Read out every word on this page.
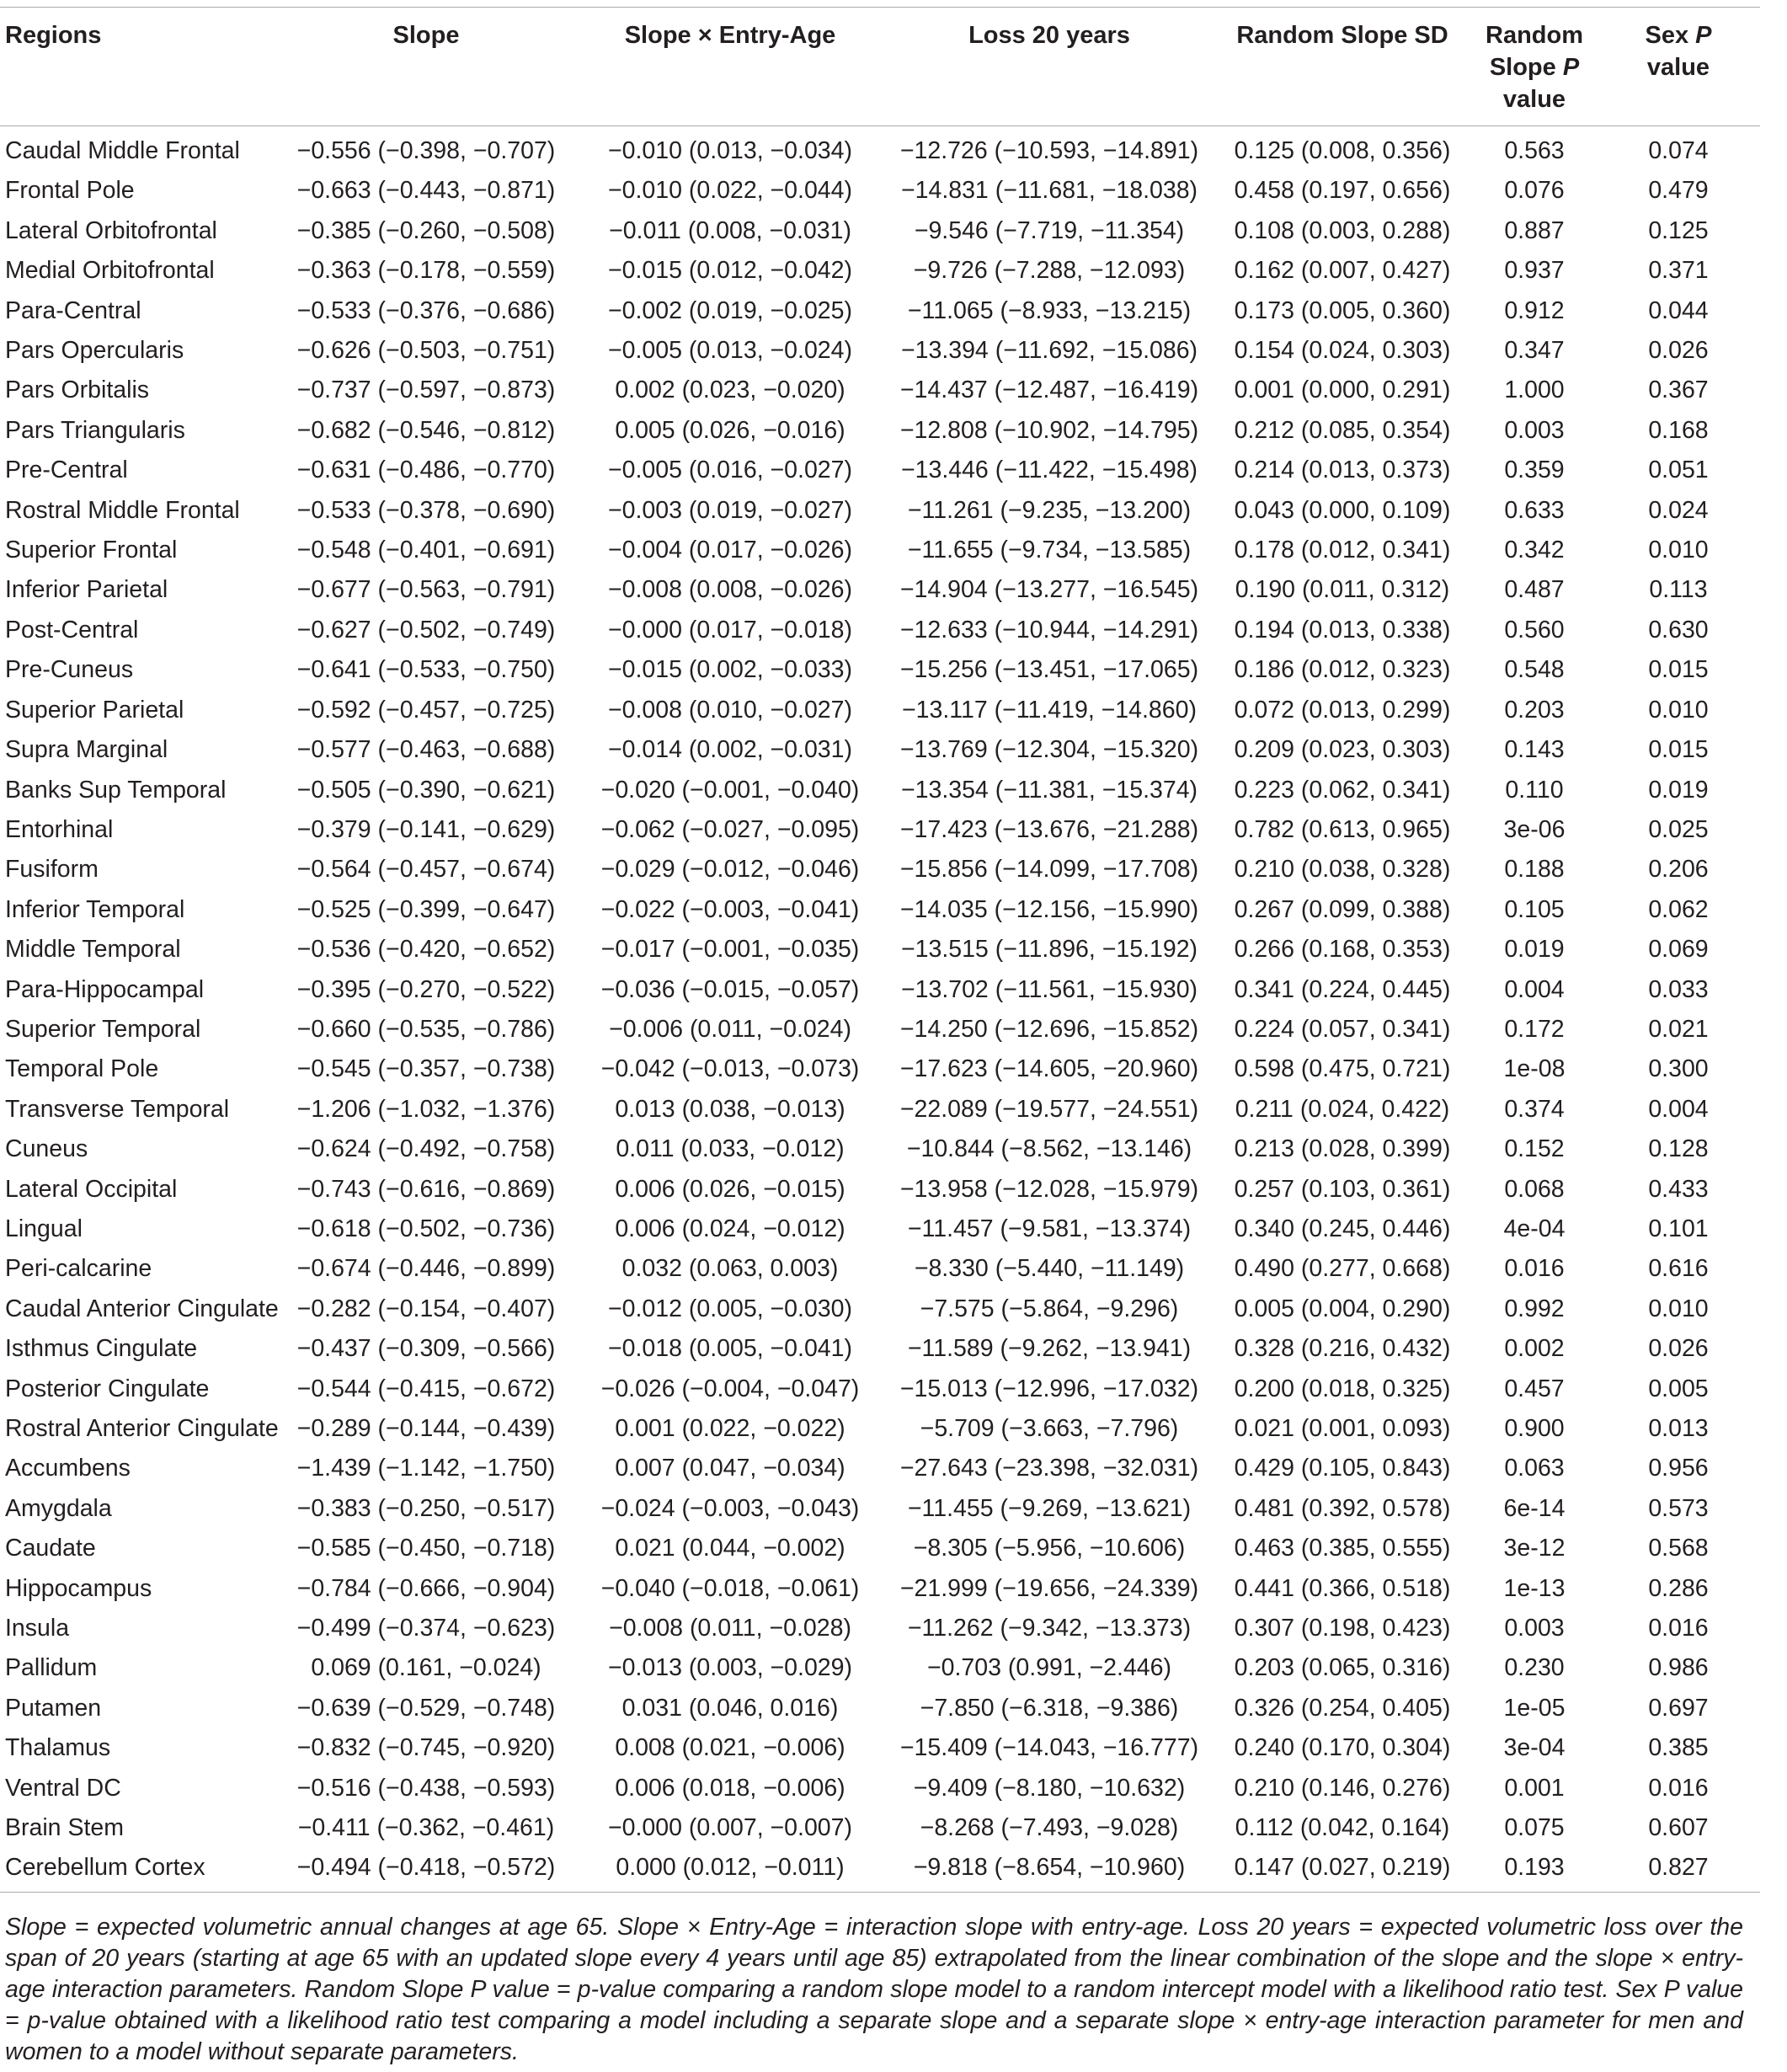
Regions	Slope	Slope × Entry-Age	Loss 20 years	Random Slope SD	Random
Slope P
value	Sex P
value
Caudal Middle Frontal	−0.556 (−0.398, −0.707)	−0.010 (0.013, −0.034)	−12.726 (−10.593, −14.891)	0.125 (0.008, 0.356)	0.563	0.074
Frontal Pole	−0.663 (−0.443, −0.871)	−0.010 (0.022, −0.044)	−14.831 (−11.681, −18.038)	0.458 (0.197, 0.656)	0.076	0.479
Lateral Orbitofrontal	−0.385 (−0.260, −0.508)	−0.011 (0.008, −0.031)	−9.546 (−7.719, −11.354)	0.108 (0.003, 0.288)	0.887	0.125
Medial Orbitofrontal	−0.363 (−0.178, −0.559)	−0.015 (0.012, −0.042)	−9.726 (−7.288, −12.093)	0.162 (0.007, 0.427)	0.937	0.371
Para-Central	−0.533 (−0.376, −0.686)	−0.002 (0.019, −0.025)	−11.065 (−8.933, −13.215)	0.173 (0.005, 0.360)	0.912	0.044
Pars Opercularis	−0.626 (−0.503, −0.751)	−0.005 (0.013, −0.024)	−13.394 (−11.692, −15.086)	0.154 (0.024, 0.303)	0.347	0.026
Pars Orbitalis	−0.737 (−0.597, −0.873)	0.002 (0.023, −0.020)	−14.437 (−12.487, −16.419)	0.001 (0.000, 0.291)	1.000	0.367
Pars Triangularis	−0.682 (−0.546, −0.812)	0.005 (0.026, −0.016)	−12.808 (−10.902, −14.795)	0.212 (0.085, 0.354)	0.003	0.168
Pre-Central	−0.631 (−0.486, −0.770)	−0.005 (0.016, −0.027)	−13.446 (−11.422, −15.498)	0.214 (0.013, 0.373)	0.359	0.051
Rostral Middle Frontal	−0.533 (−0.378, −0.690)	−0.003 (0.019, −0.027)	−11.261 (−9.235, −13.200)	0.043 (0.000, 0.109)	0.633	0.024
Superior Frontal	−0.548 (−0.401, −0.691)	−0.004 (0.017, −0.026)	−11.655 (−9.734, −13.585)	0.178 (0.012, 0.341)	0.342	0.010
Inferior Parietal	−0.677 (−0.563, −0.791)	−0.008 (0.008, −0.026)	−14.904 (−13.277, −16.545)	0.190 (0.011, 0.312)	0.487	0.113
Post-Central	−0.627 (−0.502, −0.749)	−0.000 (0.017, −0.018)	−12.633 (−10.944, −14.291)	0.194 (0.013, 0.338)	0.560	0.630
Pre-Cuneus	−0.641 (−0.533, −0.750)	−0.015 (0.002, −0.033)	−15.256 (−13.451, −17.065)	0.186 (0.012, 0.323)	0.548	0.015
Superior Parietal	−0.592 (−0.457, −0.725)	−0.008 (0.010, −0.027)	−13.117 (−11.419, −14.860)	0.072 (0.013, 0.299)	0.203	0.010
Supra Marginal	−0.577 (−0.463, −0.688)	−0.014 (0.002, −0.031)	−13.769 (−12.304, −15.320)	0.209 (0.023, 0.303)	0.143	0.015
Banks Sup Temporal	−0.505 (−0.390, −0.621)	−0.020 (−0.001, −0.040)	−13.354 (−11.381, −15.374)	0.223 (0.062, 0.341)	0.110	0.019
Entorhinal	−0.379 (−0.141, −0.629)	−0.062 (−0.027, −0.095)	−17.423 (−13.676, −21.288)	0.782 (0.613, 0.965)	3e-06	0.025
Fusiform	−0.564 (−0.457, −0.674)	−0.029 (−0.012, −0.046)	−15.856 (−14.099, −17.708)	0.210 (0.038, 0.328)	0.188	0.206
Inferior Temporal	−0.525 (−0.399, −0.647)	−0.022 (−0.003, −0.041)	−14.035 (−12.156, −15.990)	0.267 (0.099, 0.388)	0.105	0.062
Middle Temporal	−0.536 (−0.420, −0.652)	−0.017 (−0.001, −0.035)	−13.515 (−11.896, −15.192)	0.266 (0.168, 0.353)	0.019	0.069
Para-Hippocampal	−0.395 (−0.270, −0.522)	−0.036 (−0.015, −0.057)	−13.702 (−11.561, −15.930)	0.341 (0.224, 0.445)	0.004	0.033
Superior Temporal	−0.660 (−0.535, −0.786)	−0.006 (0.011, −0.024)	−14.250 (−12.696, −15.852)	0.224 (0.057, 0.341)	0.172	0.021
Temporal Pole	−0.545 (−0.357, −0.738)	−0.042 (−0.013, −0.073)	−17.623 (−14.605, −20.960)	0.598 (0.475, 0.721)	1e-08	0.300
Transverse Temporal	−1.206 (−1.032, −1.376)	0.013 (0.038, −0.013)	−22.089 (−19.577, −24.551)	0.211 (0.024, 0.422)	0.374	0.004
Cuneus	−0.624 (−0.492, −0.758)	0.011 (0.033, −0.012)	−10.844 (−8.562, −13.146)	0.213 (0.028, 0.399)	0.152	0.128
Lateral Occipital	−0.743 (−0.616, −0.869)	0.006 (0.026, −0.015)	−13.958 (−12.028, −15.979)	0.257 (0.103, 0.361)	0.068	0.433
Lingual	−0.618 (−0.502, −0.736)	0.006 (0.024, −0.012)	−11.457 (−9.581, −13.374)	0.340 (0.245, 0.446)	4e-04	0.101
Peri-calcarine	−0.674 (−0.446, −0.899)	0.032 (0.063, 0.003)	−8.330 (−5.440, −11.149)	0.490 (0.277, 0.668)	0.016	0.616
Caudal Anterior Cingulate	−0.282 (−0.154, −0.407)	−0.012 (0.005, −0.030)	−7.575 (−5.864, −9.296)	0.005 (0.004, 0.290)	0.992	0.010
Isthmus Cingulate	−0.437 (−0.309, −0.566)	−0.018 (0.005, −0.041)	−11.589 (−9.262, −13.941)	0.328 (0.216, 0.432)	0.002	0.026
Posterior Cingulate	−0.544 (−0.415, −0.672)	−0.026 (−0.004, −0.047)	−15.013 (−12.996, −17.032)	0.200 (0.018, 0.325)	0.457	0.005
Rostral Anterior Cingulate	−0.289 (−0.144, −0.439)	0.001 (0.022, −0.022)	−5.709 (−3.663, −7.796)	0.021 (0.001, 0.093)	0.900	0.013
Accumbens	−1.439 (−1.142, −1.750)	0.007 (0.047, −0.034)	−27.643 (−23.398, −32.031)	0.429 (0.105, 0.843)	0.063	0.956
Amygdala	−0.383 (−0.250, −0.517)	−0.024 (−0.003, −0.043)	−11.455 (−9.269, −13.621)	0.481 (0.392, 0.578)	6e-14	0.573
Caudate	−0.585 (−0.450, −0.718)	0.021 (0.044, −0.002)	−8.305 (−5.956, −10.606)	0.463 (0.385, 0.555)	3e-12	0.568
Hippocampus	−0.784 (−0.666, −0.904)	−0.040 (−0.018, −0.061)	−21.999 (−19.656, −24.339)	0.441 (0.366, 0.518)	1e-13	0.286
Insula	−0.499 (−0.374, −0.623)	−0.008 (0.011, −0.028)	−11.262 (−9.342, −13.373)	0.307 (0.198, 0.423)	0.003	0.016
Pallidum	0.069 (0.161, −0.024)	−0.013 (0.003, −0.029)	−0.703 (0.991, −2.446)	0.203 (0.065, 0.316)	0.230	0.986
Putamen	−0.639 (−0.529, −0.748)	0.031 (0.046, 0.016)	−7.850 (−6.318, −9.386)	0.326 (0.254, 0.405)	1e-05	0.697
Thalamus	−0.832 (−0.745, −0.920)	0.008 (0.021, −0.006)	−15.409 (−14.043, −16.777)	0.240 (0.170, 0.304)	3e-04	0.385
Ventral DC	−0.516 (−0.438, −0.593)	0.006 (0.018, −0.006)	−9.409 (−8.180, −10.632)	0.210 (0.146, 0.276)	0.001	0.016
Brain Stem	−0.411 (−0.362, −0.461)	−0.000 (0.007, −0.007)	−8.268 (−7.493, −9.028)	0.112 (0.042, 0.164)	0.075	0.607
Cerebellum Cortex	−0.494 (−0.418, −0.572)	0.000 (0.012, −0.011)	−9.818 (−8.654, −10.960)	0.147 (0.027, 0.219)	0.193	0.827
Slope = expected volumetric annual changes at age 65. Slope × Entry-Age = interaction slope with entry-age. Loss 20 years = expected volumetric loss over the span of 20 years (starting at age 65 with an updated slope every 4 years until age 85) extrapolated from the linear combination of the slope and the slope × entry-age interaction parameters. Random Slope P value = p-value comparing a random slope model to a random intercept model with a likelihood ratio test. Sex P value = p-value obtained with a likelihood ratio test comparing a model including a separate slope and a separate slope × entry-age interaction parameter for men and women to a model without separate parameters.
